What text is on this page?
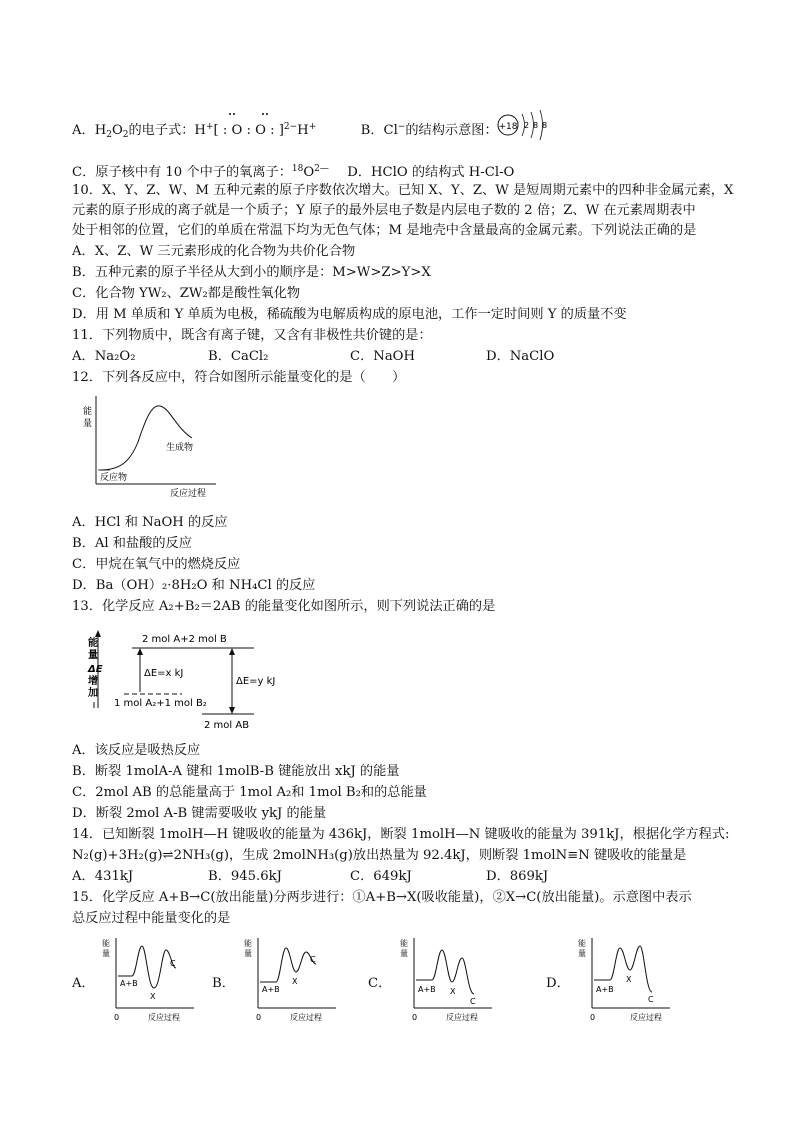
A．$H_2O_2$的电子式：H+[ : O : O : ]$^{2-}$H+	B．Cl−的结构示意图： +18 2 8 8
C．原子核中有 10 个中子的氧离子：$^{18}O^{2—}$ D．HClO 的结构式 H-Cl-O
10．X、Y、Z、W、M 五种元素的原子序数依次增大。已知 X、Y、Z、W 是短周期元素中的四种非金属元素，X
元素的原子形成的离子就是一个质子；Y 原子的最外层电子数是内层电子数的 2 倍；Z、W 在元素周期表中
处于相邻的位置，它们的单质在常温下均为无色气体；M 是地壳中含量最高的金属元素。下列说法正确的是
A．X、Z、W 三元素形成的化合物为共价化合物
B．五种元素的原子半径从大到小的顺序是：M>W>Z>Y>X
C．化合物 YW₂、ZW₂都是酸性氧化物
D．用 M 单质和 Y 单质为电极，稀硫酸为电解质构成的原电池，工作一定时间则 Y 的质量不变
11．下列物质中，既含有离子键，又含有非极性共价键的是：
A．Na₂O₂	B．CaCl₂	C．NaOH	D．NaClO
12．下列各反应中，符合如图所示能量变化的是（　　）
能
量
反应物
生成物
反应过程
A．HCl 和 NaOH 的反应
B．Al 和盐酸的反应
C．甲烷在氧气中的燃烧反应
D．Ba（OH）₂·8H₂O 和 NH₄Cl 的反应
13．化学反应 A₂+B₂＝2AB 的能量变化如图所示，则下列说法正确的是
能
量
ΔE
增
加
2 mol A+2 mol B
1 mol A₂+1 mol B₂
2 mol AB
ΔE=x kJ
ΔE=y kJ
A．该反应是吸热反应
B．断裂 1molA-A 键和 1molB-B 键能放出 xkJ 的能量
C．2mol AB 的总能量高于 1mol A₂和 1mol B₂和的总能量
D．断裂 2mol A-B 键需要吸收 ykJ 的能量
14．已知断裂 1molH—H 键吸收的能量为 436kJ，断裂 1molH—N 键吸收的能量为 391kJ，根据化学方程式:
N₂(g)+3H₂(g)⇌2NH₃(g)，生成 2molNH₃(g)放出热量为 92.4kJ，则断裂 1molN≡N 键吸收的能量是
A．431kJ	B．945.6kJ	C．649kJ	D．869kJ
15．化学反应 A+B→C(放出能量)分两步进行：①A+B→X(吸收能量)，②X→C(放出能量)。示意图中表示
总反应过程中能量变化的是
A．	B．	C．	D．
能
量
0	反应过程
A+B
X
C
能
量
0	反应过程
A+B
X
C
能
量
0	反应过程
A+B X
C
能
量
0	反应过程
A+B
X
C
